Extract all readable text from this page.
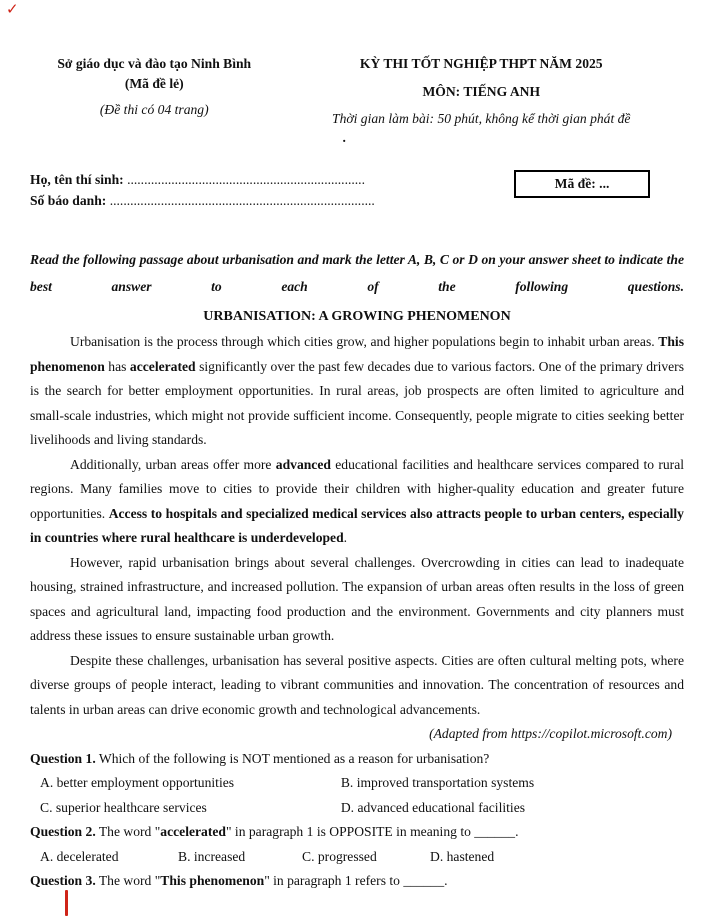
✓
Sở giáo dục và đào tạo Ninh Bình
(Mã đề lẻ)
(Đề thi có 04 trang)
KỲ THI TỐT NGHIỆP THPT NĂM 2025
MÔN: TIẾNG ANH
Thời gian làm bài: 50 phút, không kể thời gian phát đề
.
Họ, tên thí sinh: ......................................................................
Số báo danh: ..............................................................................
Mã đề: ...

Read the following passage about urbanisation and mark the letter A, B, C or D on your answer sheet to indicate the best answer to each of the following questions.

URBANISATION: A GROWING PHENOMENON

Urbanisation is the process through which cities grow, and higher populations begin to inhabit urban areas. This phenomenon has accelerated significantly over the past few decades due to various factors. One of the primary drivers is the search for better employment opportunities. In rural areas, job prospects are often limited to agriculture and small-scale industries, which might not provide sufficient income. Consequently, people migrate to cities seeking better livelihoods and living standards.

Additionally, urban areas offer more advanced educational facilities and healthcare services compared to rural regions. Many families move to cities to provide their children with higher-quality education and greater future opportunities. Access to hospitals and specialized medical services also attracts people to urban centers, especially in countries where rural healthcare is underdeveloped.

However, rapid urbanisation brings about several challenges. Overcrowding in cities can lead to inadequate housing, strained infrastructure, and increased pollution. The expansion of urban areas often results in the loss of green spaces and agricultural land, impacting food production and the environment. Governments and city planners must address these issues to ensure sustainable urban growth.

Despite these challenges, urbanisation has several positive aspects. Cities are often cultural melting pots, where diverse groups of people interact, leading to vibrant communities and innovation. The concentration of resources and talents in urban areas can drive economic growth and technological advancements.

(Adapted from https://copilot.microsoft.com)

Question 1. Which of the following is NOT mentioned as a reason for urbanisation?

A. better employment opportunities	B. improved transportation systems
C. superior healthcare services	D. advanced educational facilities

Question 2. The word "accelerated" in paragraph 1 is OPPOSITE in meaning to ______.

A. decelerated	B. increased	C. progressed	D. hastened

Question 3. The word "This phenomenon" in paragraph 1 refers to ______.
